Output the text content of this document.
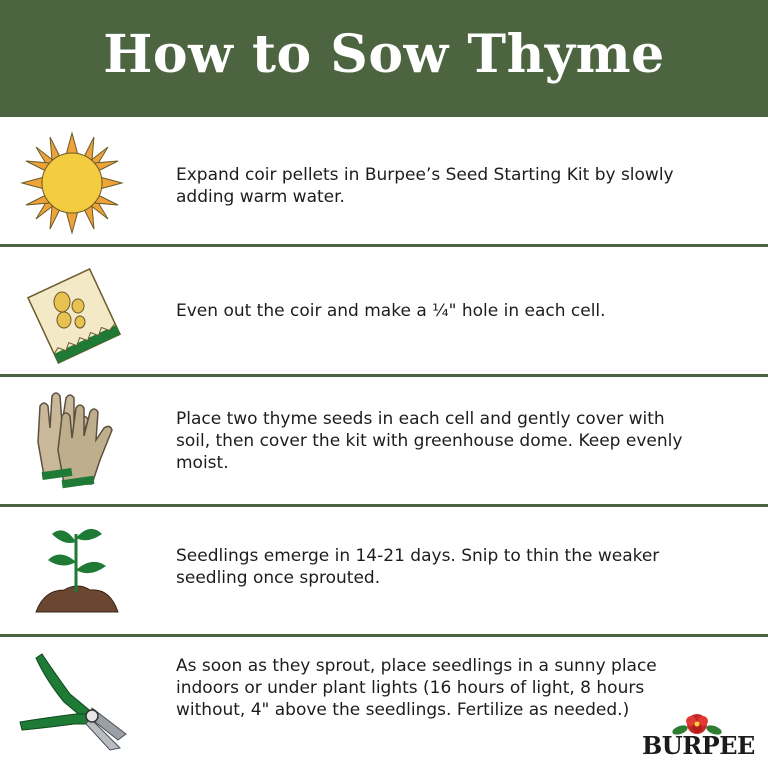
How to Sow Thyme
Expand coir pellets in Burpee’s Seed Starting Kit by slowly adding warm water.
Even out the coir and make a ¼" hole in each cell.
Place two thyme seeds in each cell and gently cover with soil, then cover the kit with greenhouse dome. Keep evenly moist.
Seedlings emerge in 14-21 days. Snip to thin the weaker seedling once sprouted.
As soon as they sprout, place seedlings in a sunny place indoors or under plant lights (16 hours of light, 8 hours without, 4" above the seedlings. Fertilize as needed.)
BURPEE
